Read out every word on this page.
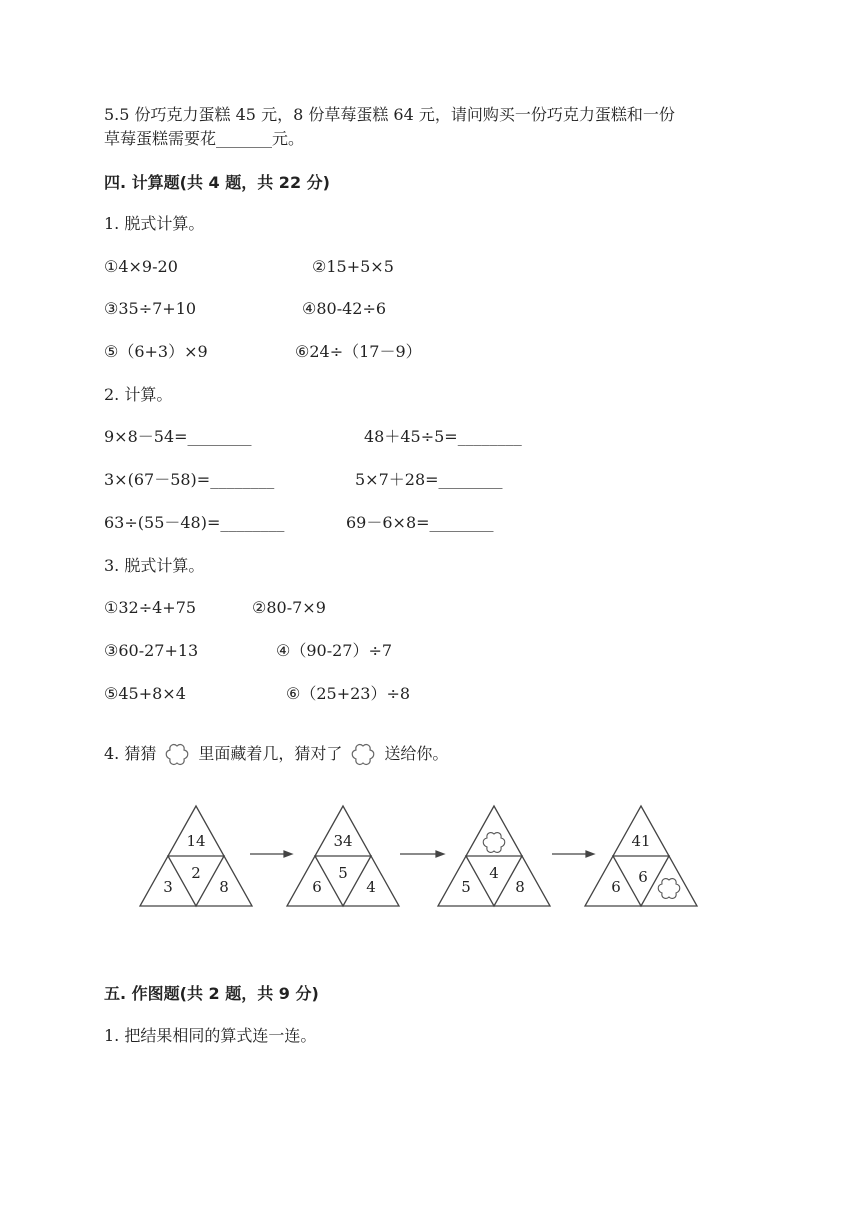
5.5 份巧克力蛋糕 45 元，8 份草莓蛋糕 64 元，请问购买一份巧克力蛋糕和一份
草莓蛋糕需要花_______元。
四. 计算题(共 4 题，共 22 分)
1. 脱式计算。
①4×9-20	②15+5×5
③35÷7+10	④80-42÷6
⑤（6+3）×9	⑥24÷（17－9）
2. 计算。
9×8－54=________	48＋45÷5=________
3×(67－58)=________	5×7＋28=________
63÷(55－48)=________	69－6×8=________
3. 脱式计算。
①32÷4+75	②80-7×9
③60-27+13	④（90-27）÷7
⑤45+8×4	⑥（25+23）÷8
4. 猜猜	里面藏着几，猜对了	送给你。
14
2
3	8
34
5
6	4
4
5	8
41
6
6
五. 作图题(共 2 题，共 9 分)
1. 把结果相同的算式连一连。
